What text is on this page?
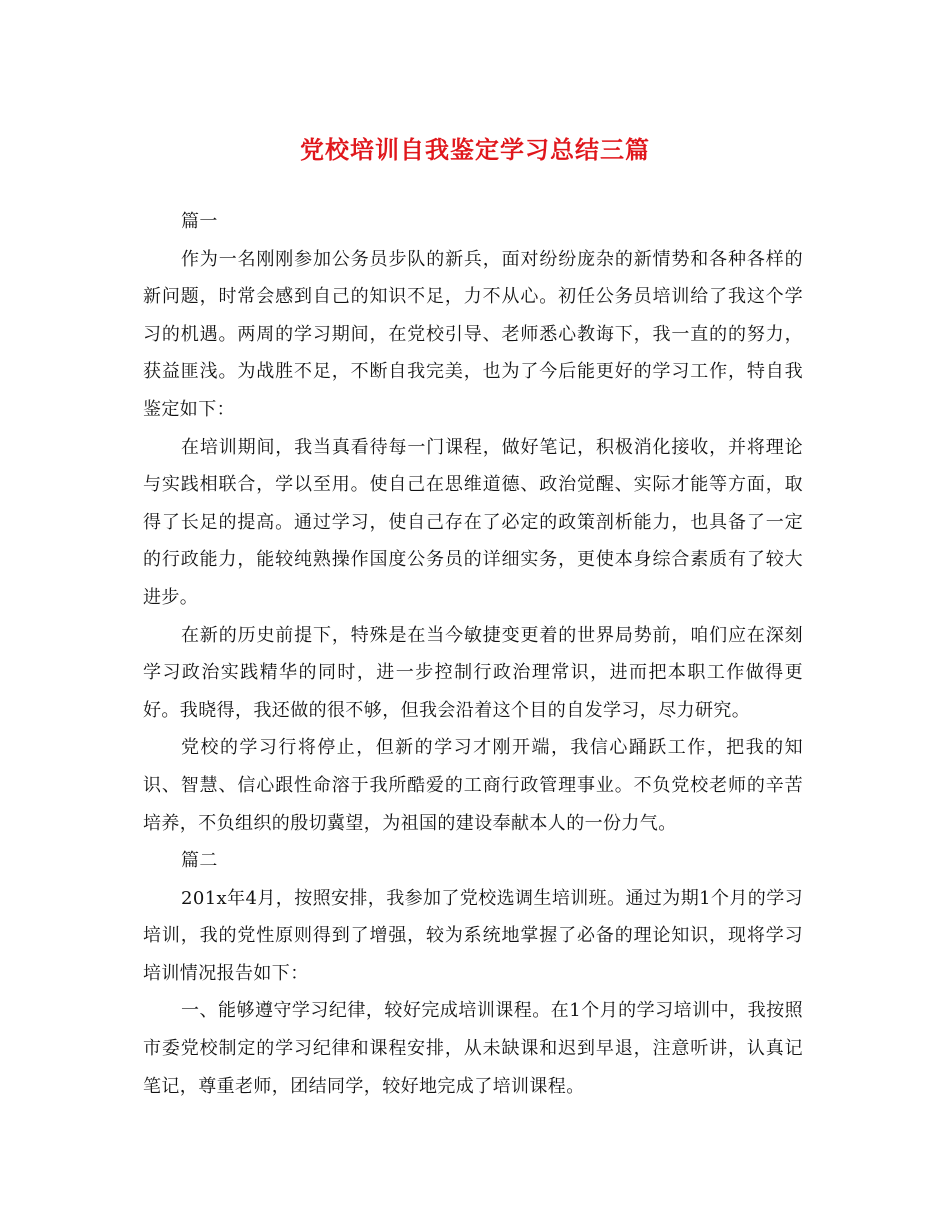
党校培训自我鉴定学习总结三篇

篇一

作为一名刚刚参加公务员步队的新兵，面对纷纷庞杂的新情势和各种各样的新问题，时常会感到自己的知识不足，力不从心。初任公务员培训给了我这个学习的机遇。两周的学习期间，在党校引导、老师悉心教诲下，我一直的的努力，获益匪浅。为战胜不足，不断自我完美，也为了今后能更好的学习工作，特自我鉴定如下：

在培训期间，我当真看待每一门课程，做好笔记，积极消化接收，并将理论与实践相联合，学以至用。使自己在思维道德、政治觉醒、实际才能等方面，取得了长足的提高。通过学习，使自己存在了必定的政策剖析能力，也具备了一定的行政能力，能较纯熟操作国度公务员的详细实务，更使本身综合素质有了较大进步。

在新的历史前提下，特殊是在当今敏捷变更着的世界局势前，咱们应在深刻学习政治实践精华的同时，进一步控制行政治理常识，进而把本职工作做得更好。我晓得，我还做的很不够，但我会沿着这个目的自发学习，尽力研究。

党校的学习行将停止，但新的学习才刚开端，我信心踊跃工作，把我的知识、智慧、信心跟性命溶于我所酷爱的工商行政管理事业。不负党校老师的辛苦培养，不负组织的殷切冀望，为祖国的建设奉献本人的一份力气。

篇二

201x年4月，按照安排，我参加了党校选调生培训班。通过为期1个月的学习培训，我的党性原则得到了增强，较为系统地掌握了必备的理论知识，现将学习培训情况报告如下：

一、能够遵守学习纪律，较好完成培训课程。在1个月的学习培训中，我按照市委党校制定的学习纪律和课程安排，从未缺课和迟到早退，注意听讲，认真记笔记，尊重老师，团结同学，较好地完成了培训课程。
